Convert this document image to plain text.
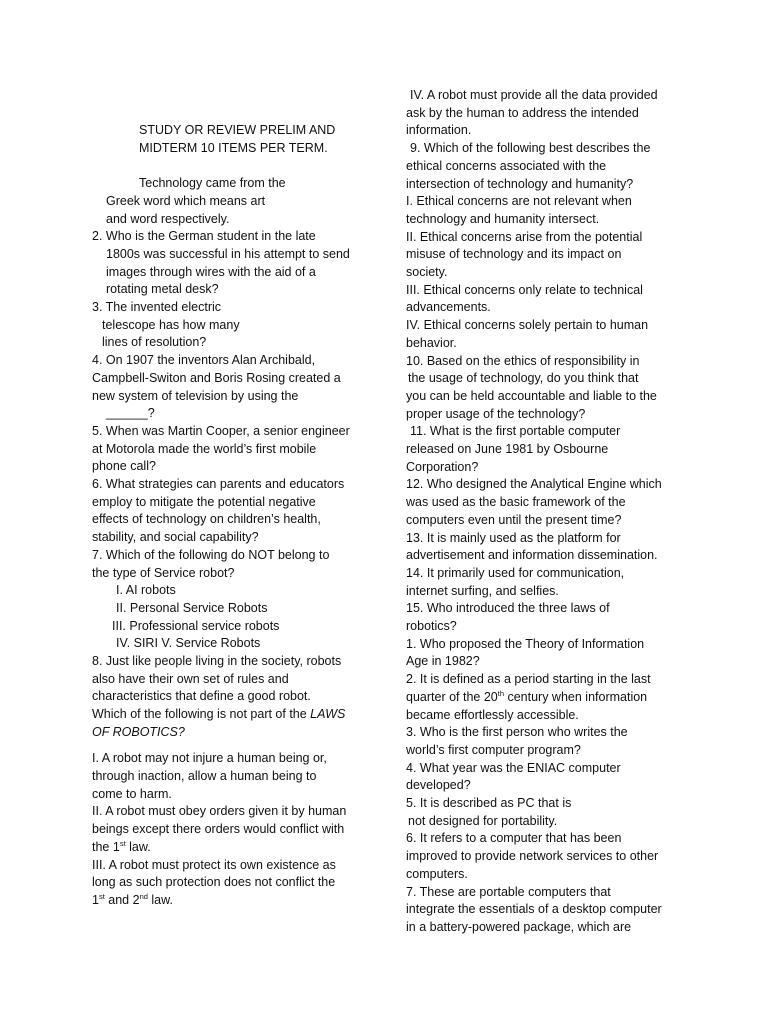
STUDY OR REVIEW PRELIM AND
MIDTERM 10 ITEMS PER TERM.
Technology came from the
Greek word which means art
and word respectively.
2. Who is the German student in the late
1800s was successful in his attempt to send
images through wires with the aid of a
rotating metal desk?
3. The invented electric
telescope has how many
lines of resolution?
4. On 1907 the inventors Alan Archibald,
Campbell-Switon and Boris Rosing created a
new system of television by using the
______?
5. When was Martin Cooper, a senior engineer
at Motorola made the world’s first mobile
phone call?
6. What strategies can parents and educators
employ to mitigate the potential negative
effects of technology on children’s health,
stability, and social capability?
7. Which of the following do NOT belong to
the type of Service robot?
I. AI robots
II. Personal Service Robots
III. Professional service robots
IV. SIRI V. Service Robots
8. Just like people living in the society, robots
also have their own set of rules and
characteristics that define a good robot.
Which of the following is not part of the LAWS
OF ROBOTICS?
I. A robot may not injure a human being or,
through inaction, allow a human being to
come to harm.
II. A robot must obey orders given it by human
beings except there orders would conflict with
the 1st law.
III. A robot must protect its own existence as
long as such protection does not conflict the
1st and 2nd law.
IV. A robot must provide all the data provided
ask by the human to address the intended
information.
9. Which of the following best describes the
ethical concerns associated with the
intersection of technology and humanity?
I. Ethical concerns are not relevant when
technology and humanity intersect.
II. Ethical concerns arise from the potential
misuse of technology and its impact on
society.
III. Ethical concerns only relate to technical
advancements.
IV. Ethical concerns solely pertain to human
behavior.
10. Based on the ethics of responsibility in
the usage of technology, do you think that
you can be held accountable and liable to the
proper usage of the technology?
11. What is the first portable computer
released on June 1981 by Osbourne
Corporation?
12. Who designed the Analytical Engine which
was used as the basic framework of the
computers even until the present time?
13. It is mainly used as the platform for
advertisement and information dissemination.
14. It primarily used for communication,
internet surfing, and selfies.
15. Who introduced the three laws of
robotics?
1. Who proposed the Theory of Information
Age in 1982?
2. It is defined as a period starting in the last
quarter of the 20th century when information
became effortlessly accessible.
3. Who is the first person who writes the
world’s first computer program?
4. What year was the ENIAC computer
developed?
5. It is described as PC that is
not designed for portability.
6. It refers to a computer that has been
improved to provide network services to other
computers.
7. These are portable computers that
integrate the essentials of a desktop computer
in a battery-powered package, which are
